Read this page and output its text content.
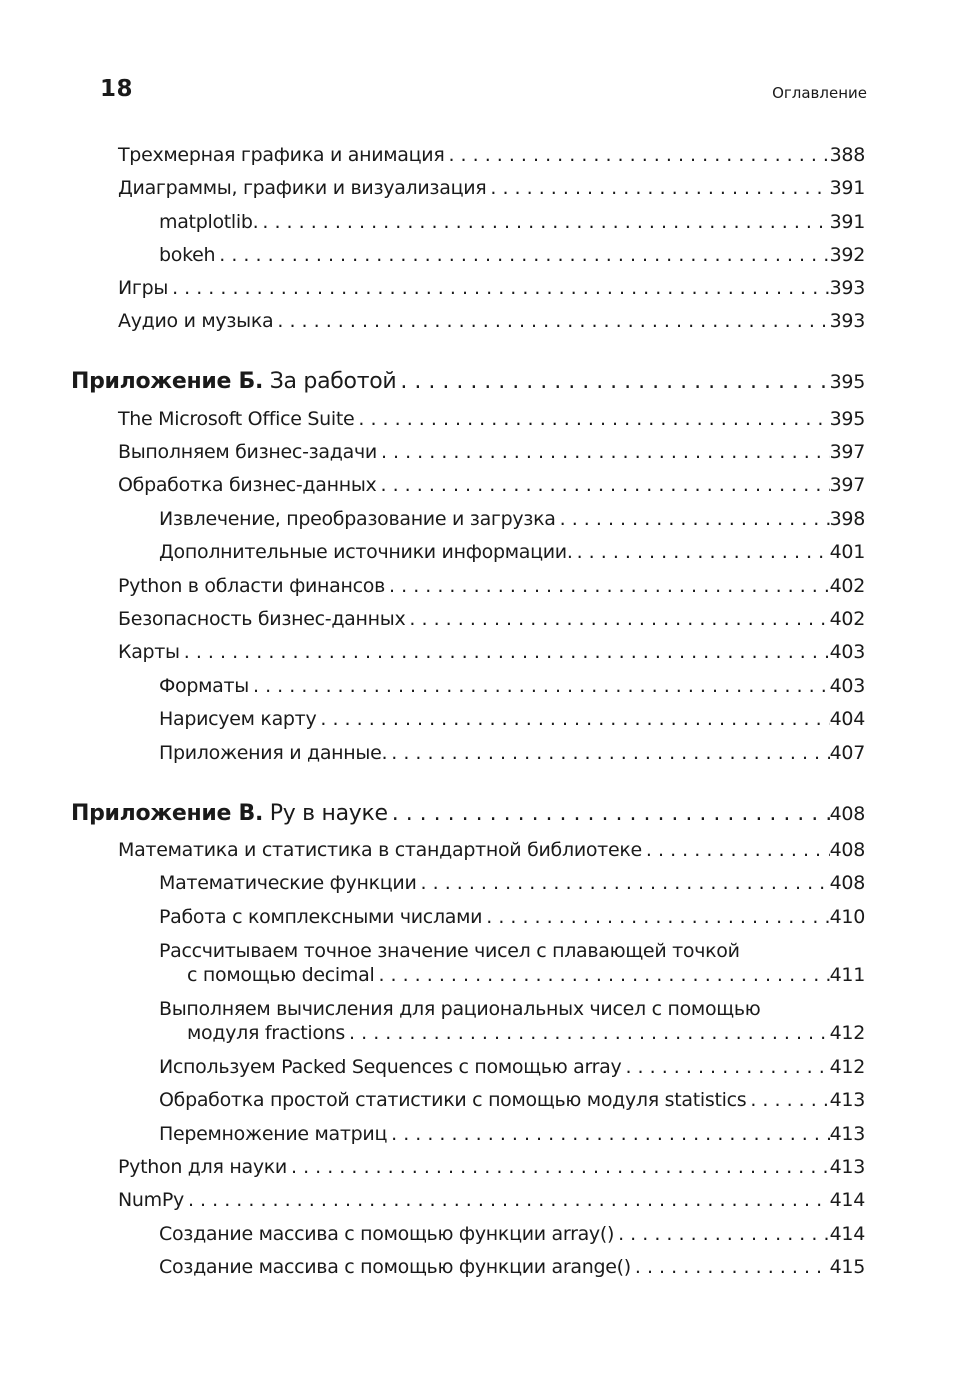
18	Оглавление
Трехмерная графика и анимация . . .	388
Диаграммы, графики и визуализация . . .	391
matplotlib. . . .	391
bokeh . . .	392
Игры . . .	393
Аудио и музыка . . .	393
Приложение Б. За работой . . .	395
The Microsoft Office Suite . . .	395
Выполняем бизнес-задачи . . .	397
Обработка бизнес-данных . . .	397
Извлечение, преобразование и загрузка . . .	398
Дополнительные источники информации. . . .	401
Python в области финансов . . .	402
Безопасность бизнес-данных . . .	402
Карты . . .	403
Форматы . . .	403
Нарисуем карту . . .	404
Приложения и данные. . . .	407
Приложение В. Ру в науке . . .	408
Математика и статистика в стандартной библиотеке . . .	408
Математические функции . . .	408
Работа с комплексными числами . . .	410
Рассчитываем точное значение чисел с плавающей точкой
с помощью decimal . . .	411
Выполняем вычисления для рациональных чисел с помощью
модуля fractions . . .	412
Используем Packed Sequences с помощью array . . .	412
Обработка простой статистики с помощью модуля statistics . . .	413
Перемножение матриц . . .	413
Python для науки . . .	413
NumPy . . .	414
Создание массива с помощью функции array() . . .	414
Создание массива с помощью функции arange() . . .	415
